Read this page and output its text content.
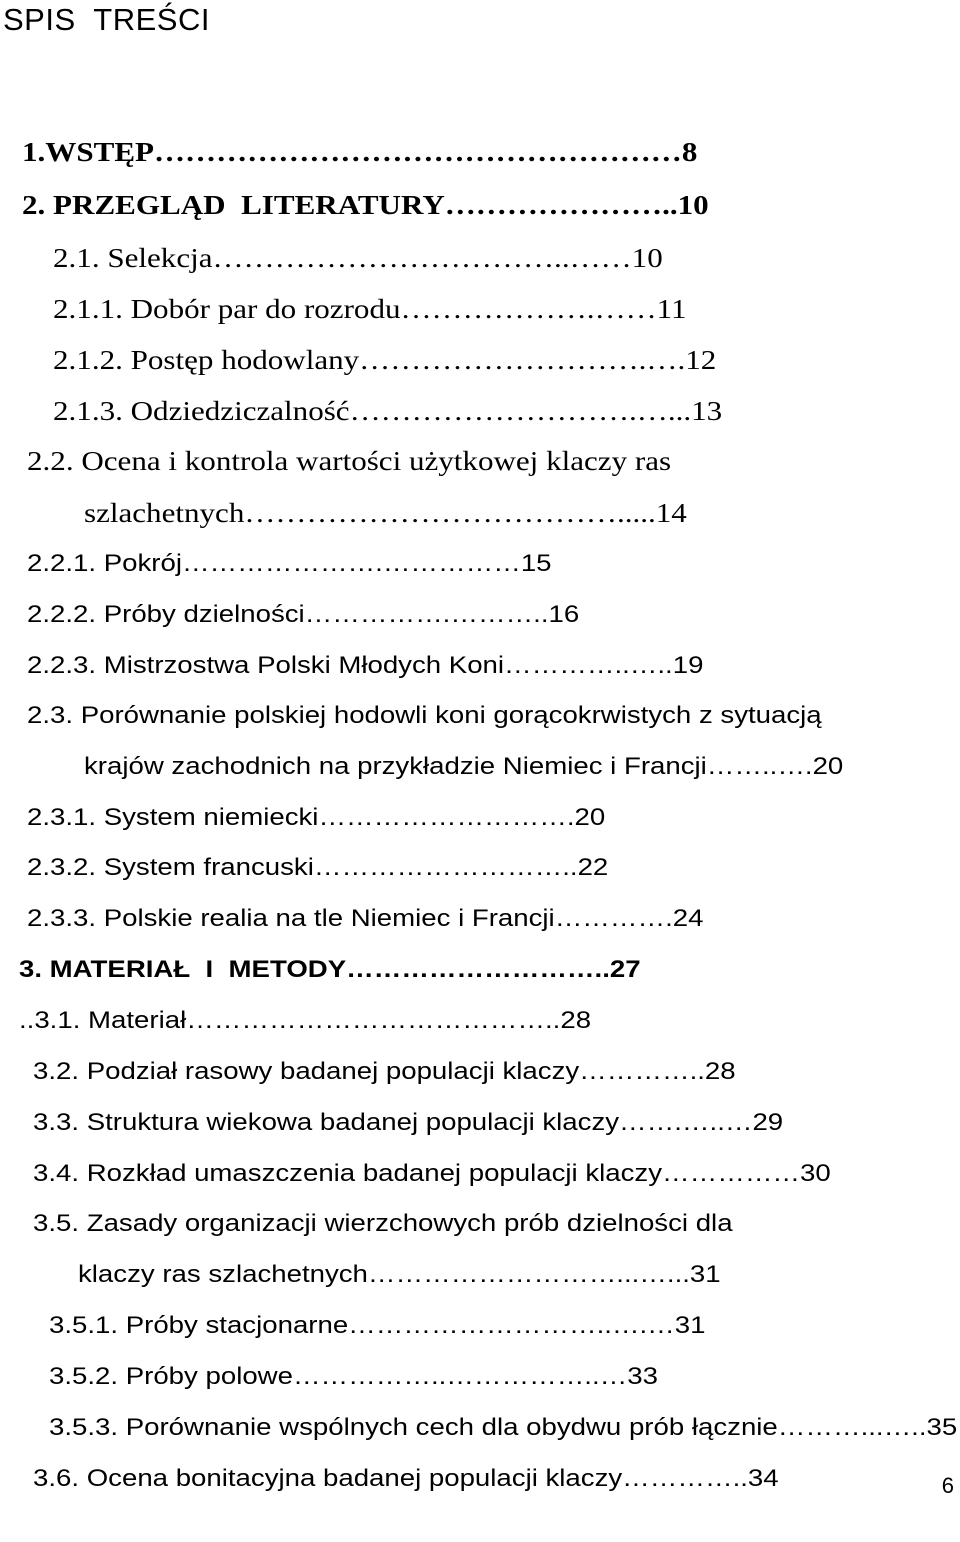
SPIS  TREŚCI

1.WSTĘP……………………………………………8

2. PRZEGLĄD  LITERATURY…………………..10

2.1. Selekcja……………………………..……10

2.1.1. Dobór par do rozrodu……………….……11

2.1.2. Postęp hodowlany……………………….….12

2.1.3. Odziedziczalność……………………….…...13

2.2. Ocena i kontrola wartości użytkowej klaczy ras

szlachetnych……………………………….....14

2.2.1. Pokrój………………….……………15

2.2.2. Próby dzielności…………….………..16

2.2.3. Mistrzostwa Polski Młodych Koni…………..…..19

2.3. Porównanie polskiej hodowli koni gorącokrwistych z sytuacją

krajów zachodnich na przykładzie Niemiec i Francji……..….20

2.3.1. System niemiecki……………………….20

2.3.2. System francuski………………………..22

2.3.3. Polskie realia na tle Niemiec i Francji………….24

3. MATERIAŁ  I  METODY………………………..27

..3.1. Materiał…………………………………..28

3.2. Podział rasowy badanej populacji klaczy…………..28

3.3. Struktura wiekowa badanej populacji klaczy…….…..…29

3.4. Rozkład umaszczenia badanej populacji klaczy……………30

3.5. Zasady organizacji wierzchowych prób dzielności dla

klaczy ras szlachetnych………………………...…...31

3.5.1. Próby stacjonarne………………………..….…31

3.5.2. Próby polowe……………..……………..…33

3.5.3. Porównanie wspólnych cech dla obydwu prób łącznie………...…..35

3.6. Ocena bonitacyjna badanej populacji klaczy…………..34
	6
